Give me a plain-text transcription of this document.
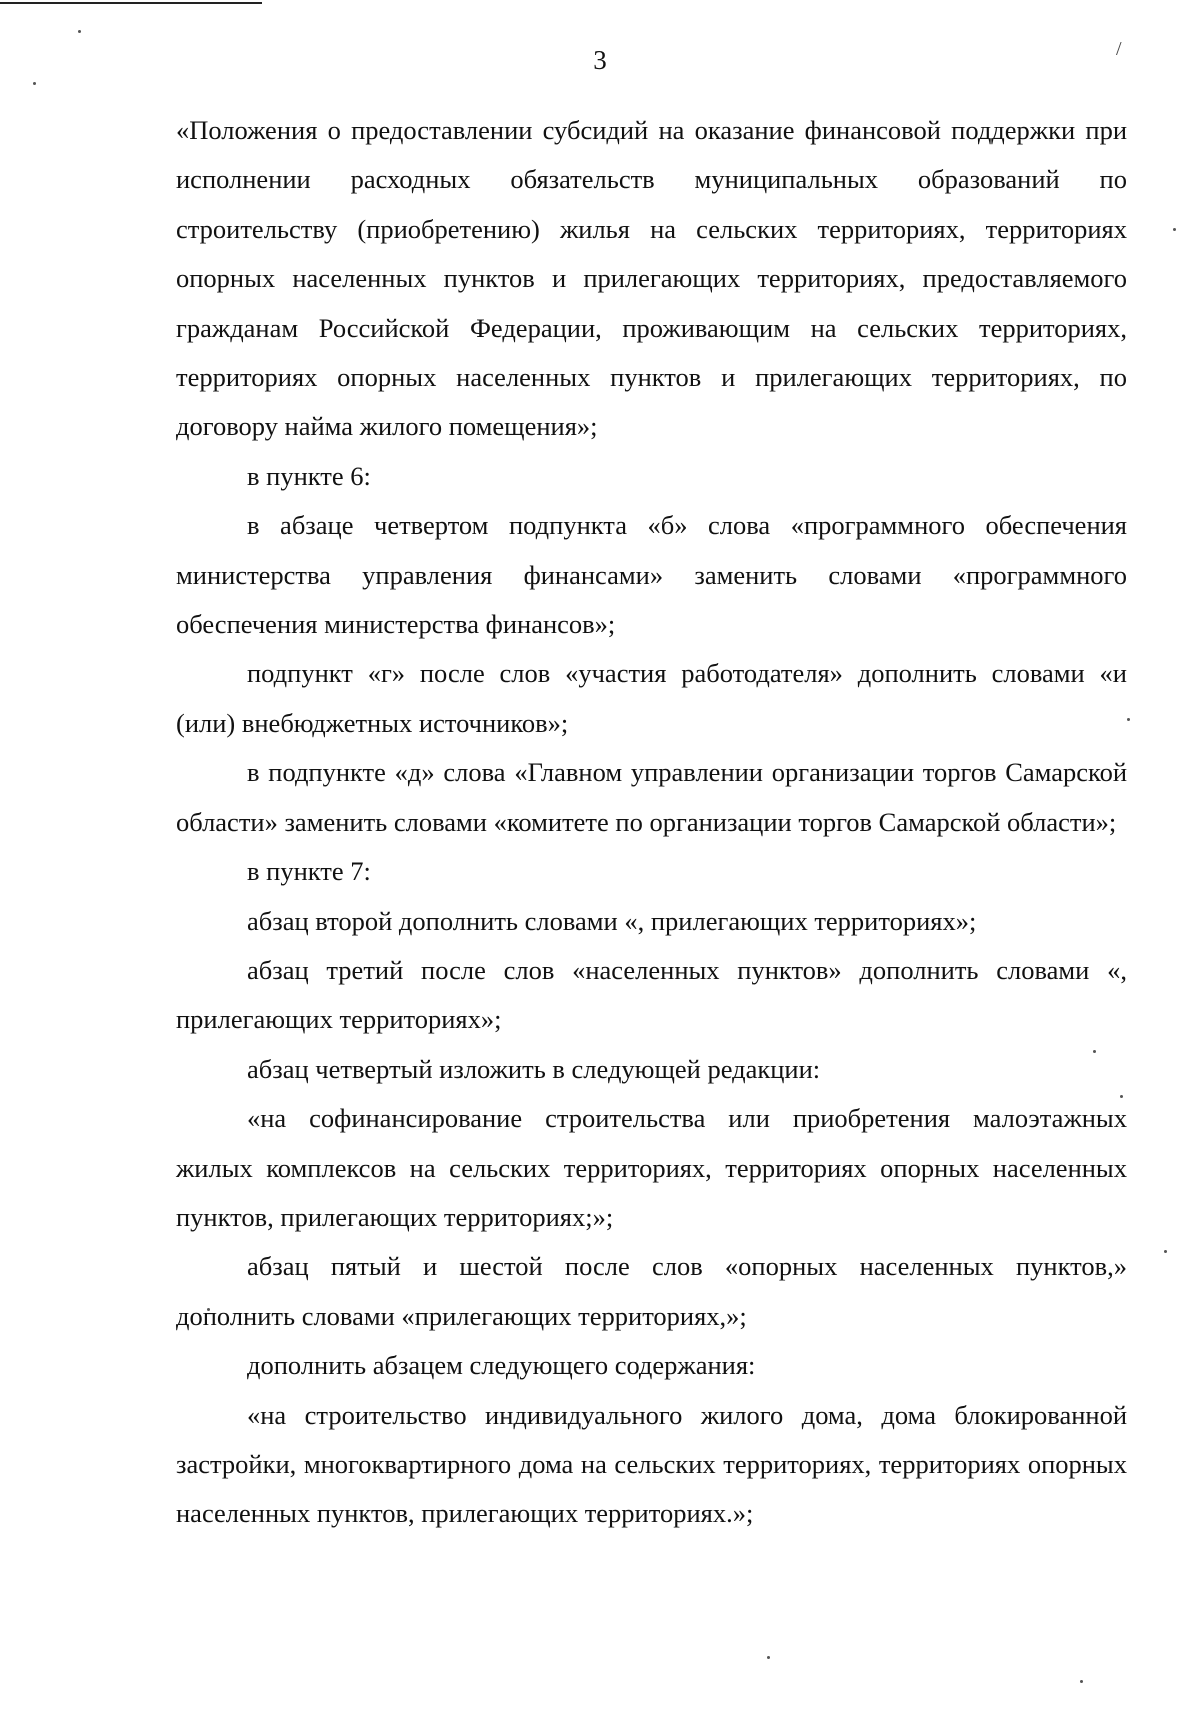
3	/

«Положения о предоставлении субсидий на оказание финансовой поддержки при исполнении расходных обязательств муниципальных образований по строительству (приобретению) жилья на сельских территориях, территориях опорных населенных пунктов и прилегающих территориях, предоставляемого гражданам Российской Федерации, проживающим на сельских территориях, территориях опорных населенных пунктов и прилегающих территориях, по договору найма жилого помещения»;

в пункте 6:

в абзаце четвертом подпункта «б» слова «программного обеспечения министерства управления финансами» заменить словами «программного обеспечения министерства финансов»;

подпункт «г» после слов «участия работодателя» дополнить словами «и (или) внебюджетных источников»;

в подпункте «д» слова «Главном управлении организации торгов Самарской области» заменить словами «комитете по организации торгов Самарской области»;

в пункте 7:

абзац второй дополнить словами «, прилегающих территориях»;

абзац третий после слов «населенных пунктов» дополнить словами «, прилегающих территориях»;

абзац четвертый изложить в следующей редакции:

«на софинансирование строительства или приобретения малоэтажных жилых комплексов на сельских территориях, территориях опорных населенных пунктов, прилегающих территориях;»;

абзац пятый и шестой после слов «опорных населенных пунктов,» дополнить словами «прилегающих территориях,»;

дополнить абзацем следующего содержания:

«на строительство индивидуального жилого дома, дома блокированной застройки, многоквартирного дома на сельских территориях, территориях опорных населенных пунктов, прилегающих территориях.»;
